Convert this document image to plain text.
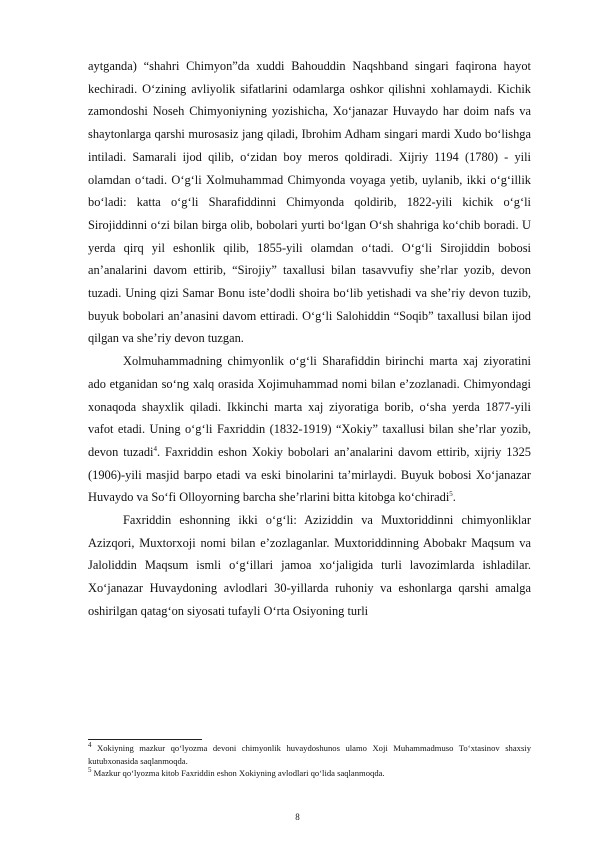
aytganda) “shahri Chimyon”da xuddi Bahouddin Naqshband singari faqirona hayot kechiradi. O‘zining avliyolik sifatlarini odamlarga oshkor qilishni xohlamaydi. Kichik zamondoshi Noseh Chimyoniyning yozishicha, Xo‘janazar Huvaydo har doim nafs va shaytonlarga qarshi murosasiz jang qiladi, Ibrohim Adham singari mardi Xudo bo‘lishga intiladi. Samarali ijod qilib, o‘zidan boy meros qoldiradi. Xijriy 1194 (1780) - yili olamdan o‘tadi. O‘g‘li Xolmuhammad Chimyonda voyaga yetib, uylanib, ikki o‘g‘illik bo‘ladi: katta o‘g‘li Sharafiddinni Chimyonda qoldirib, 1822-yili kichik o‘g‘li Sirojiddinni o‘zi bilan birga olib, bobolari yurti bo‘lgan O‘sh shahriga ko‘chib boradi. U yerda qirq yil eshonlik qilib, 1855-yili olamdan o‘tadi. O‘g‘li Sirojiddin bobosi an’analarini davom ettirib, “Sirojiy” taxallusi bilan tasavvufiy she’rlar yozib, devon tuzadi. Uning qizi Samar Bonu iste’dodli shoira bo‘lib yetishadi va she’riy devon tuzib, buyuk bobolari an’anasini davom ettiradi. O‘g‘li Salohiddin “Soqib” taxallusi bilan ijod qilgan va she’riy devon tuzgan.

Xolmuhammadning chimyonlik o‘g‘li Sharafiddin birinchi marta xaj ziyoratini ado etganidan so‘ng xalq orasida Xojimuhammad nomi bilan e’zozlanadi. Chimyondagi xonaqoda shayxlik qiladi. Ikkinchi marta xaj ziyoratiga borib, o‘sha yerda 1877-yili vafot etadi. Uning o‘g‘li Faxriddin (1832-1919) “Xokiy” taxallusi bilan she’rlar yozib, devon tuzadi$^4$. Faxriddin eshon Xokiy bobolari an’analarini davom ettirib, xijriy 1325 (1906)-yili masjid barpo etadi va eski binolarini ta’mirlaydi. Buyuk bobosi Xo‘janazar Huvaydo va So‘fi Olloyorning barcha she’rlarini bitta kitobga ko‘chiradi$^5$.

Faxriddin eshonning ikki o‘g‘li: Aziziddin va Muxtoriddinni chimyonliklar Azizqori, Muxtorxoji nomi bilan e’zozlaganlar. Muxtoriddinning Abobakr Maqsum va Jaloliddin Maqsum ismli o‘g‘illari jamoa xo‘jaligida turli lavozimlarda ishladilar. Xo‘janazar Huvaydoning avlodlari 30-yillarda ruhoniy va eshonlarga qarshi amalga oshirilgan qatag‘on siyosati tufayli O‘rta Osiyoning turli

$^4$ Xokiyning mazkur qo‘lyozma devoni chimyonlik huvaydoshunos ulamo Xoji Muhammadmuso To‘xtasinov shaxsiy kutubxonasida saqlanmoqda.

$^5$ Mazkur qo‘lyozma kitob Faxriddin eshon Xokiyning avlodlari qo‘lida saqlanmoqda.

8
